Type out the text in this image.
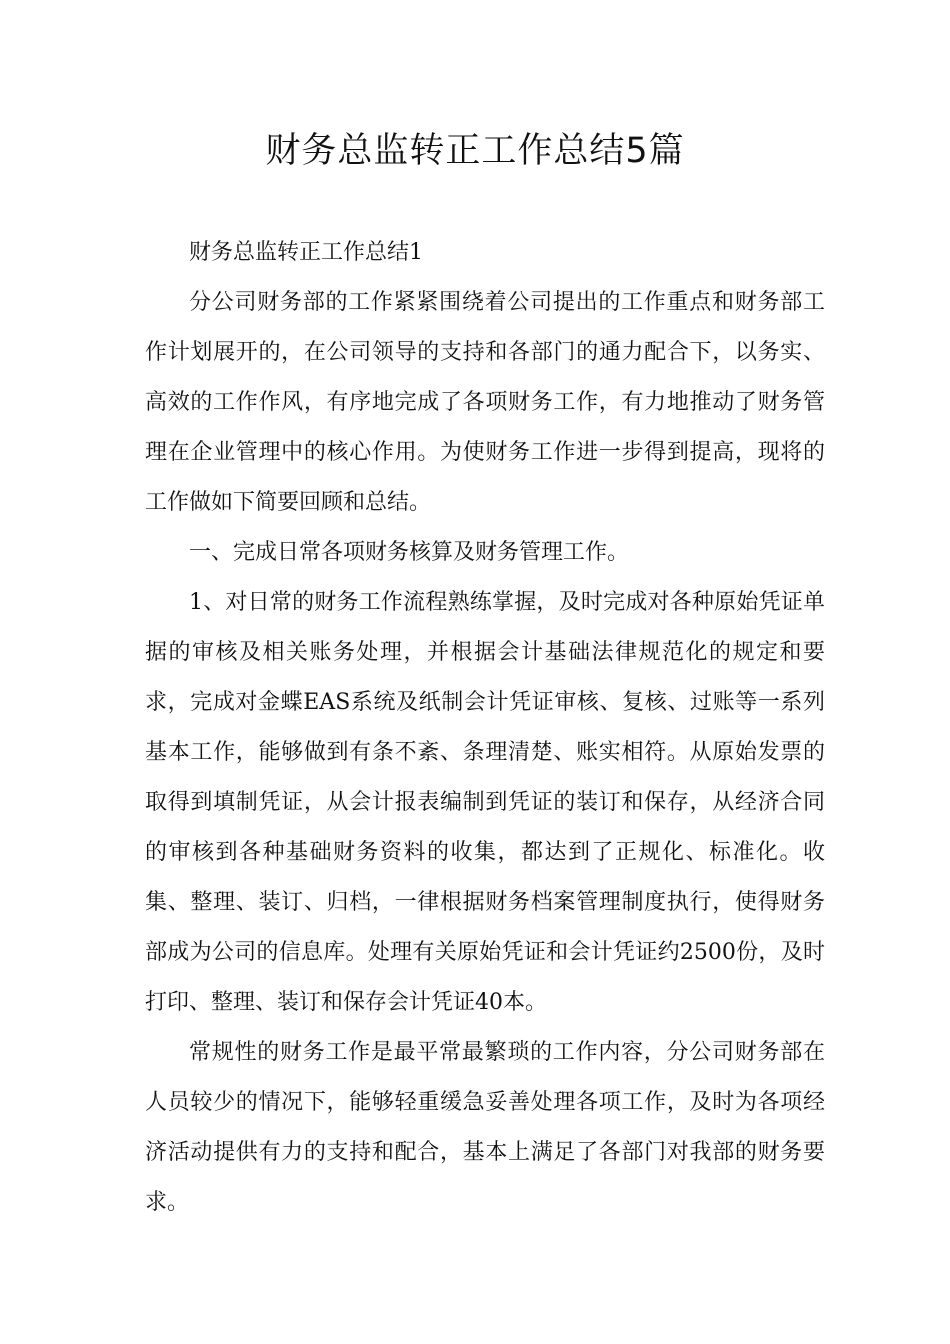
财务总监转正工作总结5篇

财务总监转正工作总结1

分公司财务部的工作紧紧围绕着公司提出的工作重点和财务部工作计划展开的，在公司领导的支持和各部门的通力配合下，以务实、高效的工作作风，有序地完成了各项财务工作，有力地推动了财务管理在企业管理中的核心作用。为使财务工作进一步得到提高，现将的工作做如下简要回顾和总结。

一、完成日常各项财务核算及财务管理工作。

1、对日常的财务工作流程熟练掌握，及时完成对各种原始凭证单据的审核及相关账务处理，并根据会计基础法律规范化的规定和要求，完成对金蝶EAS系统及纸制会计凭证审核、复核、过账等一系列基本工作，能够做到有条不紊、条理清楚、账实相符。从原始发票的取得到填制凭证，从会计报表编制到凭证的装订和保存，从经济合同的审核到各种基础财务资料的收集，都达到了正规化、标准化。收集、整理、装订、归档，一律根据财务档案管理制度执行，使得财务部成为公司的信息库。处理有关原始凭证和会计凭证约2500份，及时打印、整理、装订和保存会计凭证40本。

常规性的财务工作是最平常最繁琐的工作内容，分公司财务部在人员较少的情况下，能够轻重缓急妥善处理各项工作，及时为各项经济活动提供有力的支持和配合，基本上满足了各部门对我部的财务要求。
